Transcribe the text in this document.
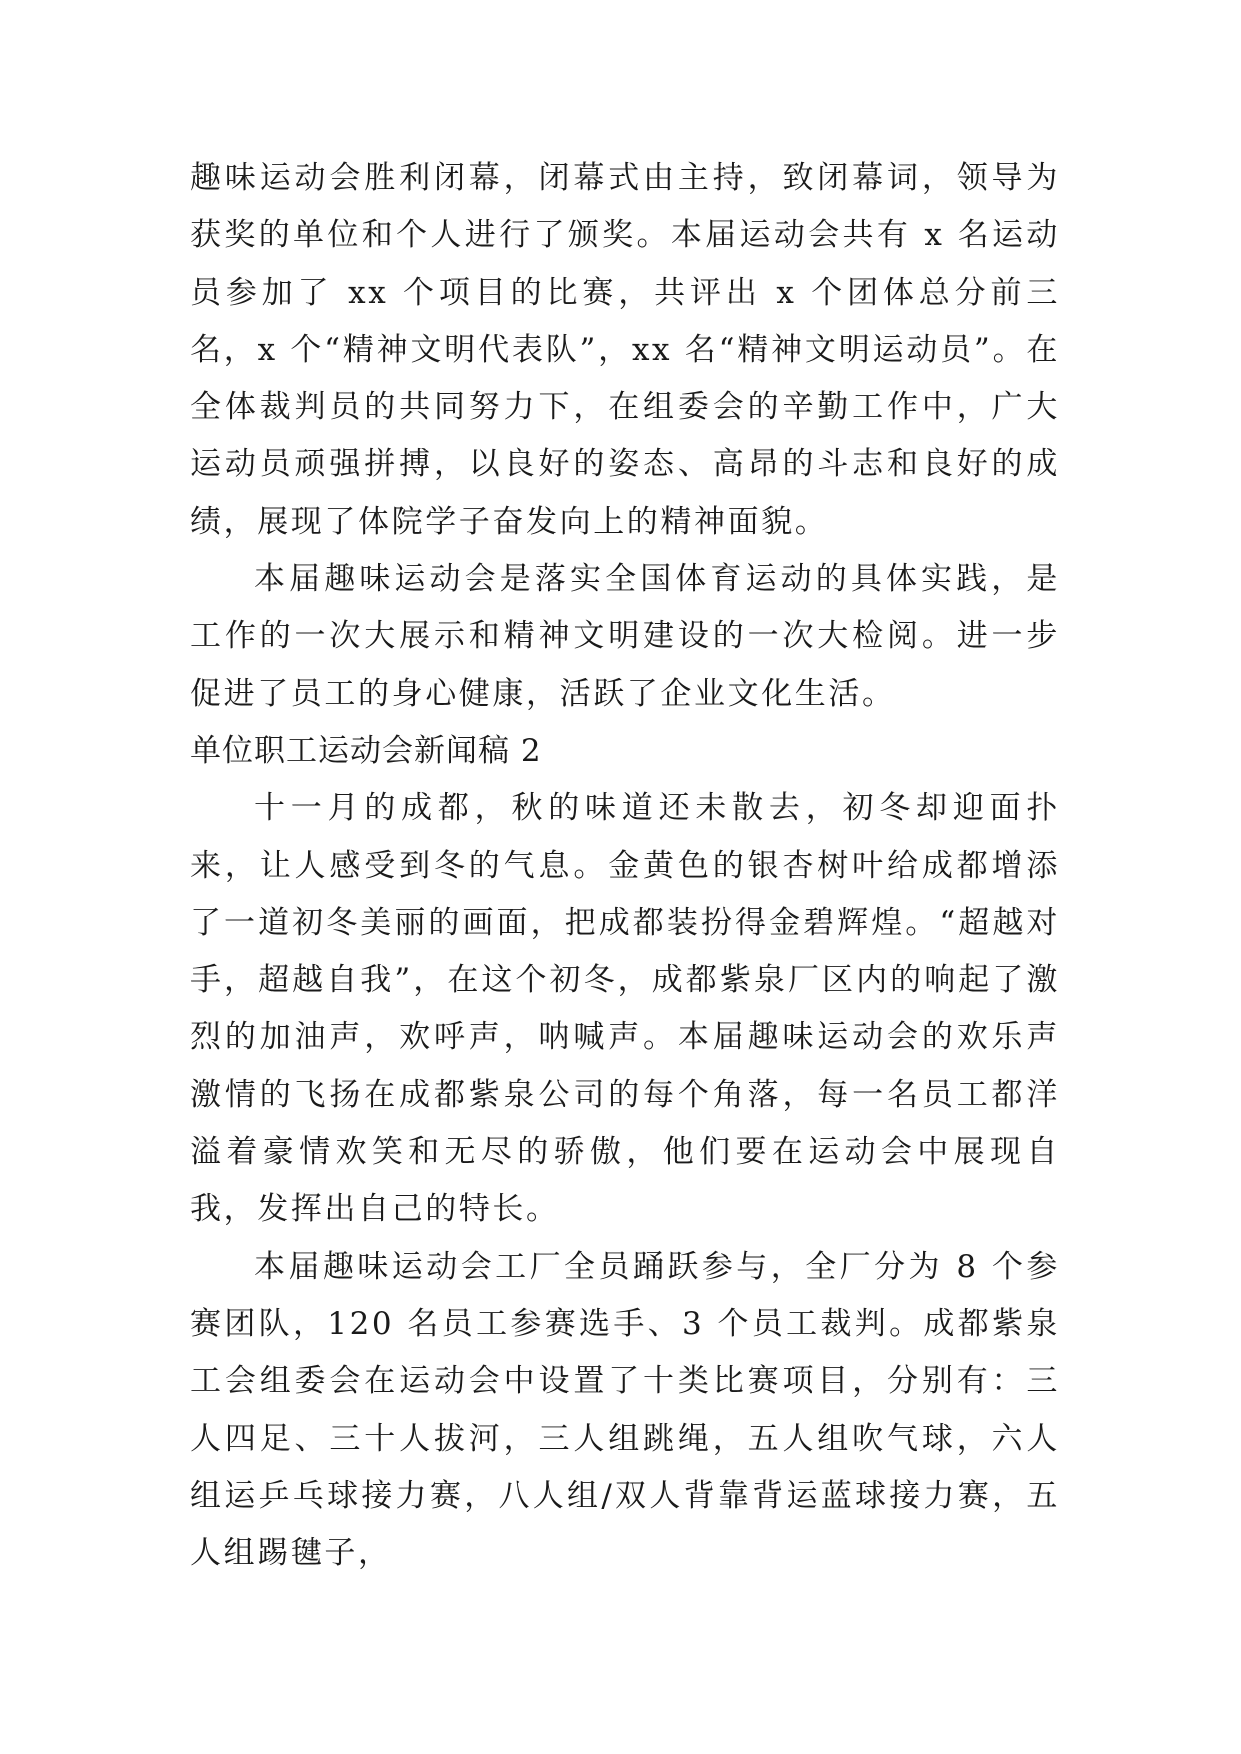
趣味运动会胜利闭幕，闭幕式由主持，致闭幕词，领导为获奖的单位和个人进行了颁奖。本届运动会共有 x 名运动员参加了 xx 个项目的比赛，共评出 x 个团体总分前三名，x 个“精神文明代表队”，xx 名“精神文明运动员”。在全体裁判员的共同努力下，在组委会的辛勤工作中，广大运动员顽强拼搏，以良好的姿态、高昂的斗志和良好的成绩，展现了体院学子奋发向上的精神面貌。

本届趣味运动会是落实全国体育运动的具体实践，是工作的一次大展示和精神文明建设的一次大检阅。进一步促进了员工的身心健康，活跃了企业文化生活。

单位职工运动会新闻稿 2

十一月的成都，秋的味道还未散去，初冬却迎面扑来，让人感受到冬的气息。金黄色的银杏树叶给成都增添了一道初冬美丽的画面，把成都装扮得金碧辉煌。“超越对手，超越自我”，在这个初冬，成都紫泉厂区内的响起了激烈的加油声，欢呼声，呐喊声。本届趣味运动会的欢乐声激情的飞扬在成都紫泉公司的每个角落，每一名员工都洋溢着豪情欢笑和无尽的骄傲，他们要在运动会中展现自我，发挥出自己的特长。

本届趣味运动会工厂全员踊跃参与，全厂分为 8 个参赛团队，120 名员工参赛选手、3 个员工裁判。成都紫泉工会组委会在运动会中设置了十类比赛项目，分别有：三人四足、三十人拔河，三人组跳绳，五人组吹气球，六人组运乒乓球接力赛，八人组/双人背靠背运蓝球接力赛，五人组踢毽子，
